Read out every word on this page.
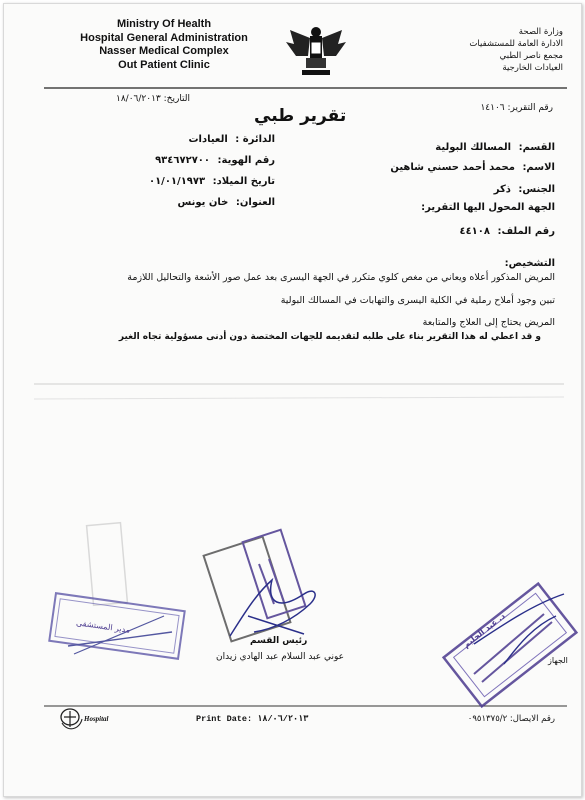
Ministry Of Health
Hospital General Administration
Nasser Medical Complex
Out Patient Clinic
وزارة الصحة
الادارة العامة للمستشفيات
مجمع ناصر الطبي
العيادات الخارجية
التاريخ: ١٨/٠٦/٢٠١٣
رقم التقرير: ١٤١٠٦
تقرير طبي
القسم: المسالك البولية
الاسم: محمد أحمد حسني شاهين
الجنس: ذكر
الجهة المحول اليها التقرير:
رقم الملف: ٤٤١٠٨
الدائرة : العيادات
رقم الهوية: ٩٣٤٦٧٢٧٠٠
تاريخ الميلاد: ٠١/٠١/١٩٧٣
العنوان: خان يونس
التشخيص:
المريض المذكور أعلاه ويعاني من مغص كلوي متكرر في الجهة اليسرى بعد عمل صور الأشعة والتحاليل اللازمة
تبين وجود أملاح رملية في الكلية اليسرى والتهابات في المسالك البولية
المريض يحتاج إلى العلاج والمتابعة
و قد اعطي له هذا التقرير بناء على طلبه لتقديمه للجهات المختصة دون أدنى مسؤولية تجاه الغير
مدير المستشفى	د. عبد الحليم
الجهاز
رئيس القسم
عوني عبد السلام عبد الهادي زيدان
Hospital	Print Date: ١٨/٠٦/٢٠١٣	رقم الايصال: ٠٩٥١٣٧٥/٢
